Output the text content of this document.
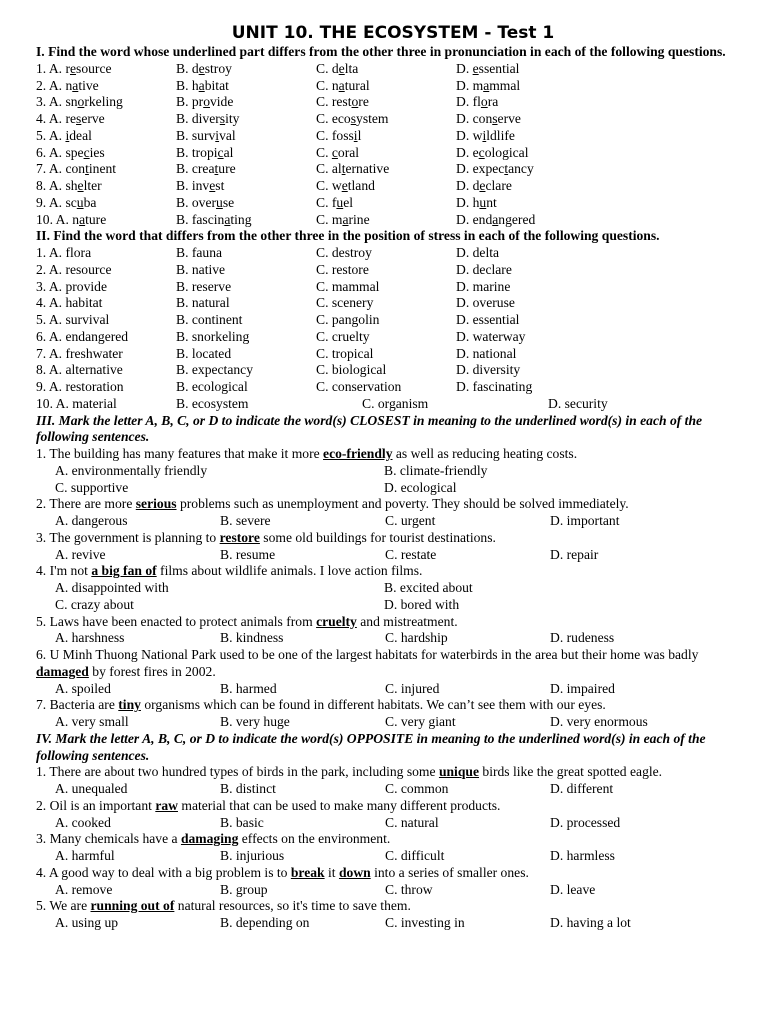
UNIT 10. THE ECOSYSTEM - Test 1

I. Find the word whose underlined part differs from the other three in pronunciation in each of the following questions.

1. A. resource	B. destroy	C. delta	D. essential
2. A. native	B. habitat	C. natural	D. mammal
3. A. snorkeling	B. provide	C. restore	D. flora
4. A. reserve	B. diversity	C. ecosystem	D. conserve
5. A. ideal	B. survival	C. fossil	D. wildlife
6. A. species	B. tropical	C. coral	D. ecological
7. A. continent	B. creature	C. alternative	D. expectancy
8. A. shelter	B. invest	C. wetland	D. declare
9. A. scuba	B. overuse	C. fuel	D. hunt
10. A. nature	B. fascinating	C. marine	D. endangered

II. Find the word that differs from the other three in the position of stress in each of the following questions.

1. A. flora	B. fauna	C. destroy	D. delta
2. A. resource	B. native	C. restore	D. declare
3. A. provide	B. reserve	C. mammal	D. marine
4. A. habitat	B. natural	C. scenery	D. overuse
5. A. survival	B. continent	C. pangolin	D. essential
6. A. endangered	B. snorkeling	C. cruelty	D. waterway
7. A. freshwater	B. located	C. tropical	D. national
8. A. alternative	B. expectancy	C. biological	D. diversity
9. A. restoration	B. ecological	C. conservation	D. fascinating
10. A. material	B. ecosystem	C. organism	D. security

III. Mark the letter A, B, C, or D to indicate the word(s) CLOSEST in meaning to the underlined word(s) in each of the following sentences.

1. The building has many features that make it more eco-friendly as well as reducing heating costs.

A. environmentally friendly	B. climate-friendly
C. supportive	D. ecological

2. There are more serious problems such as unemployment and poverty. They should be solved immediately.

A. dangerous	B. severe	C. urgent	D. important

3. The government is planning to restore some old buildings for tourist destinations.

A. revive	B. resume	C. restate	D. repair

4. I'm not a big fan of films about wildlife animals. I love action films.

A. disappointed with	B. excited about
C. crazy about	D. bored with

5. Laws have been enacted to protect animals from cruelty and mistreatment.

A. harshness	B. kindness	C. hardship	D. rudeness

6. U Minh Thuong National Park used to be one of the largest habitats for waterbirds in the area but their home was badly damaged by forest fires in 2002.

A. spoiled	B. harmed	C. injured	D. impaired

7. Bacteria are tiny organisms which can be found in different habitats. We can’t see them with our eyes.

A. very small	B. very huge	C. very giant	D. very enormous

IV. Mark the letter A, B, C, or D to indicate the word(s) OPPOSITE in meaning to the underlined word(s) in each of the following sentences.

1. There are about two hundred types of birds in the park, including some unique birds like the great spotted eagle.

A. unequaled	B. distinct	C. common	D. different

2. Oil is an important raw material that can be used to make many different products.

A. cooked	B. basic	C. natural	D. processed

3. Many chemicals have a damaging effects on the environment.

A. harmful	B. injurious	C. difficult	D. harmless

4. A good way to deal with a big problem is to break it down into a series of smaller ones.

A. remove	B. group	C. throw	D. leave

5. We are running out of natural resources, so it's time to save them.

A. using up	B. depending on	C. investing in	D. having a lot
